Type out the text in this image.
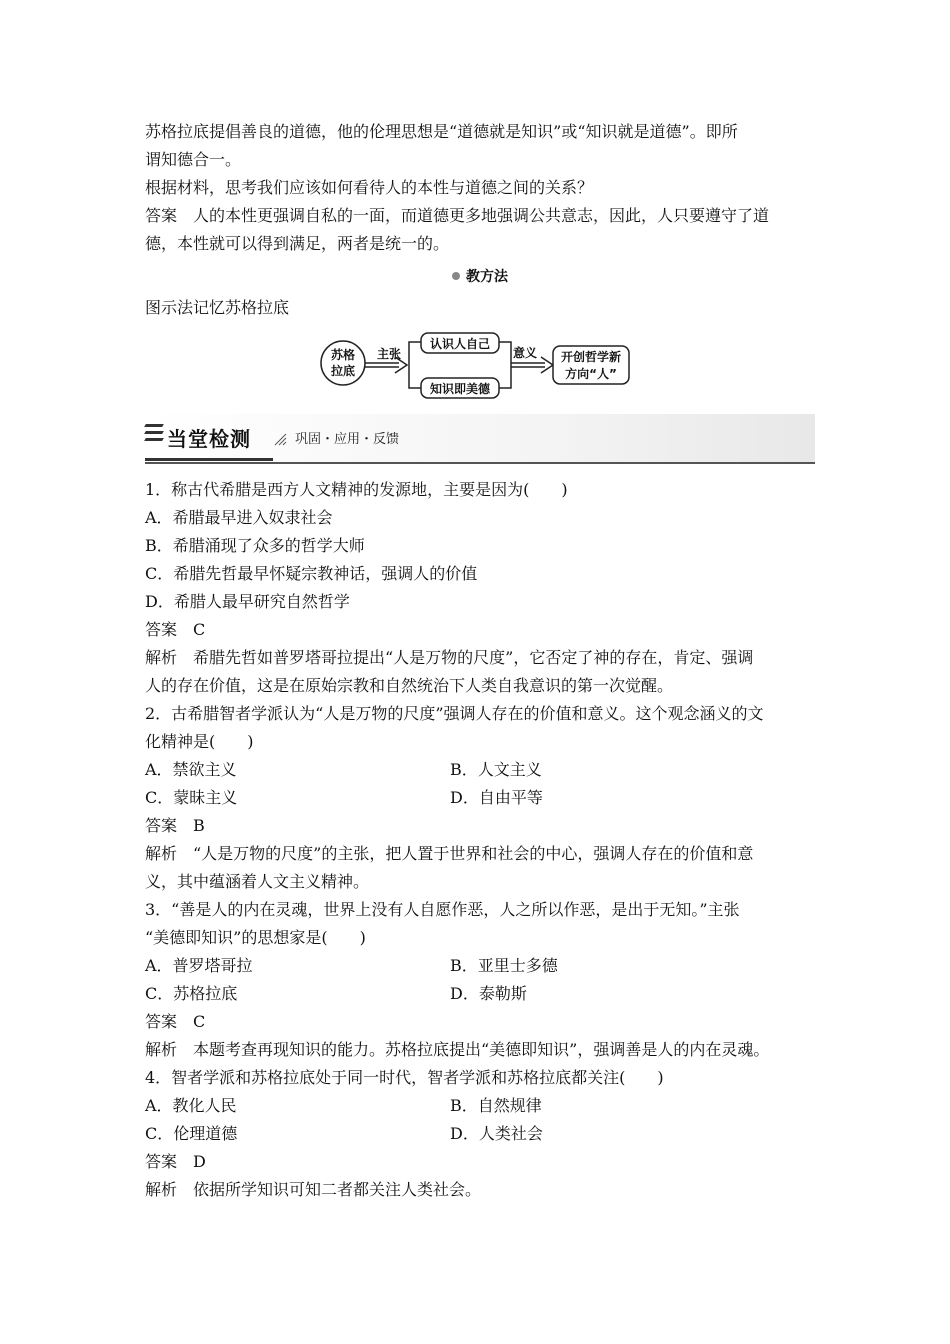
苏格拉底提倡善良的道德，他的伦理思想是“道德就是知识”或“知识就是道德”。即所
谓知德合一。
根据材料，思考我们应该如何看待人的本性与道德之间的关系？
答案　人的本性更强调自私的一面，而道德更多地强调公共意志，因此，人只要遵守了道
德，本性就可以得到满足，两者是统一的。
教方法
图示法记忆苏格拉底
苏格
拉底
主张
认识人自己
知识即美德
意义 开创哲学新
方向“人”
当堂检测	巩固・应用・反馈
1．称古代希腊是西方人文精神的发源地，主要是因为(　　)
A．希腊最早进入奴隶社会
B．希腊涌现了众多的哲学大师
C．希腊先哲最早怀疑宗教神话，强调人的价值
D．希腊人最早研究自然哲学
答案　C
解析　希腊先哲如普罗塔哥拉提出“人是万物的尺度”，它否定了神的存在，肯定、强调
人的存在价值，这是在原始宗教和自然统治下人类自我意识的第一次觉醒。
2．古希腊智者学派认为“人是万物的尺度”强调人存在的价值和意义。这个观念涵义的文
化精神是(　　)
A．禁欲主义	B．人文主义
C．蒙昧主义	D．自由平等
答案　B
解析　“人是万物的尺度”的主张，把人置于世界和社会的中心，强调人存在的价值和意
义，其中蕴涵着人文主义精神。
3．“善是人的内在灵魂，世界上没有人自愿作恶，人之所以作恶，是出于无知。”主张
“美德即知识”的思想家是(　　)
A．普罗塔哥拉	B．亚里士多德
C．苏格拉底	D．泰勒斯
答案　C
解析　本题考查再现知识的能力。苏格拉底提出“美德即知识”，强调善是人的内在灵魂。
4．智者学派和苏格拉底处于同一时代，智者学派和苏格拉底都关注(　　)
A．教化人民	B．自然规律
C．伦理道德	D．人类社会
答案　D
解析　依据所学知识可知二者都关注人类社会。
